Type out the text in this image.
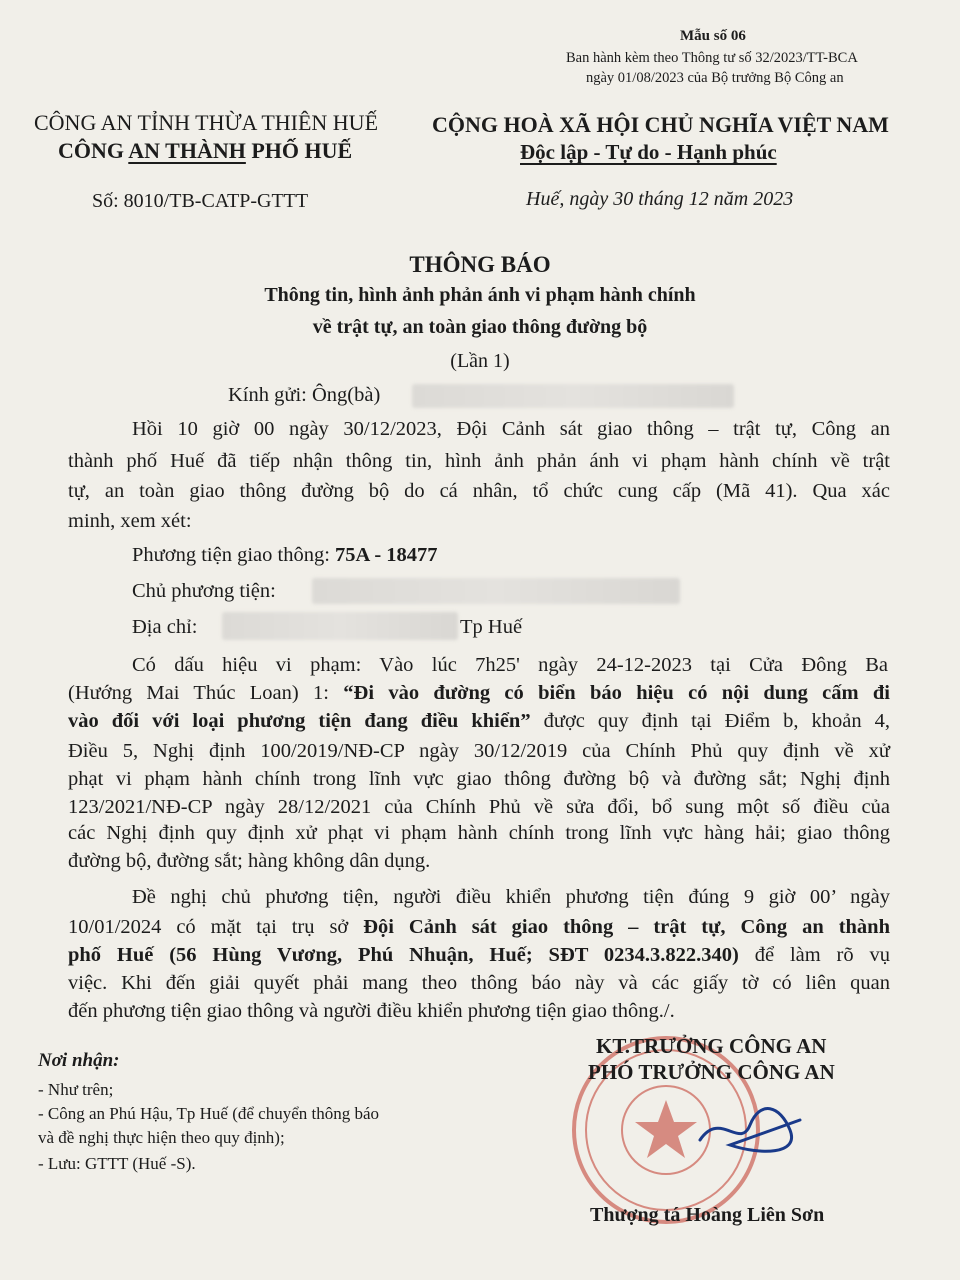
Mẫu số 06
Ban hành kèm theo Thông tư số 32/2023/TT-BCA
ngày 01/08/2023 của Bộ trưởng Bộ Công an
CÔNG AN TỈNH THỪA THIÊN HUẾ
CÔNG AN THÀNH PHỐ HUẾ
CỘNG HOÀ XÃ HỘI CHỦ NGHĨA VIỆT NAM
Độc lập - Tự do - Hạnh phúc
Số: 8010/TB-CATP-GTTT	Huế, ngày 30 tháng 12 năm 2023
THÔNG BÁO
Thông tin, hình ảnh phản ánh vi phạm hành chính
về trật tự, an toàn giao thông đường bộ
(Lần 1)
Kính gửi: Ông(bà)
Hồi 10 giờ 00 ngày 30/12/2023, Đội Cảnh sát giao thông – trật tự, Công an
thành phố Huế đã tiếp nhận thông tin, hình ảnh phản ánh vi phạm hành chính về trật
tự, an toàn giao thông đường bộ do cá nhân, tổ chức cung cấp (Mã 41). Qua xác
minh, xem xét:
Phương tiện giao thông: 75A - 18477
Chủ phương tiện:
Địa chỉ:	Tp Huế
Có dấu hiệu vi phạm: Vào lúc 7h25' ngày 24-12-2023 tại Cửa Đông Ba
(Hướng Mai Thúc Loan) 1: “Đi vào đường có biển báo hiệu có nội dung cấm đi
vào đối với loại phương tiện đang điều khiển” được quy định tại Điểm b, khoản 4,
Điều 5, Nghị định 100/2019/NĐ-CP ngày 30/12/2019 của Chính Phủ quy định về xử
phạt vi phạm hành chính trong lĩnh vực giao thông đường bộ và đường sắt; Nghị định
123/2021/NĐ-CP ngày 28/12/2021 của Chính Phủ về sửa đổi, bổ sung một số điều của
các Nghị định quy định xử phạt vi phạm hành chính trong lĩnh vực hàng hải; giao thông
đường bộ, đường sắt; hàng không dân dụng.
Đề nghị chủ phương tiện, người điều khiển phương tiện đúng 9 giờ 00’ ngày
10/01/2024 có mặt tại trụ sở Đội Cảnh sát giao thông – trật tự, Công an thành
phố Huế (56 Hùng Vương, Phú Nhuận, Huế; SĐT 0234.3.822.340) để làm rõ vụ
việc. Khi đến giải quyết phải mang theo thông báo này và các giấy tờ có liên quan
đến phương tiện giao thông và người điều khiển phương tiện giao thông./.
Nơi nhận:
- Như trên;
- Công an Phú Hậu, Tp Huế (để chuyển thông báo
và đề nghị thực hiện theo quy định);
- Lưu: GTTT (Huế -S).
KT.TRƯỞNG CÔNG AN
PHÓ TRƯỞNG CÔNG AN
Thượng tá Hoàng Liên Sơn
